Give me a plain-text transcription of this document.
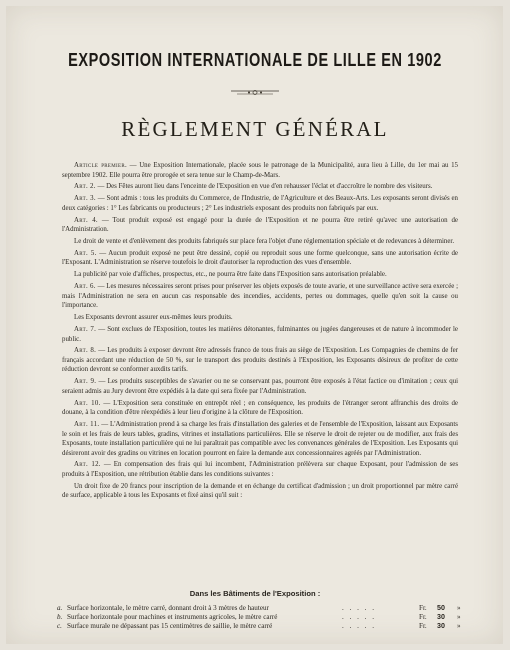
EXPOSITION INTERNATIONALE DE LILLE EN 1902
RÈGLEMENT GÉNÉRAL

Article premier. — Une Exposition Internationale, placée sous le patronage de la Municipalité, aura lieu à Lille, du 1er mai au 15 septembre 1902. Elle pourra être prorogée et sera tenue sur le Champ-de-Mars.

Art. 2. — Des Fêtes auront lieu dans l'enceinte de l'Exposition en vue d'en rehausser l'éclat et d'accroître le nombre des visiteurs.

Art. 3. — Sont admis : tous les produits du Commerce, de l'Industrie, de l'Agriculture et des Beaux-Arts. Les exposants seront divisés en deux catégories : 1° Les fabricants ou producteurs ; 2° Les industriels exposant des produits non fabriqués par eux.

Art. 4. — Tout produit exposé est engagé pour la durée de l'Exposition et ne pourra être retiré qu'avec une autorisation de l'Administration.

Le droit de vente et d'enlèvement des produits fabriqués sur place fera l'objet d'une réglementation spéciale et de redevances à déterminer.

Art. 5. — Aucun produit exposé ne peut être dessiné, copié ou reproduit sous une forme quelconque, sans une autorisation écrite de l'Exposant. L'Administration se réserve toutefois le droit d'autoriser la reproduction des vues d'ensemble.

La publicité par voie d'affiches, prospectus, etc., ne pourra être faite dans l'Exposition sans autorisation préalable.

Art. 6. — Les mesures nécessaires seront prises pour préserver les objets exposés de toute avarie, et une surveillance active sera exercée ; mais l'Administration ne sera en aucun cas responsable des incendies, accidents, pertes ou dommages, quelle qu'en soit la cause ou l'importance.

Les Exposants devront assurer eux-mêmes leurs produits.

Art. 7. — Sont exclues de l'Exposition, toutes les matières détonantes, fulminantes ou jugées dangereuses et de nature à incommoder le public.

Art. 8. — Les produits à exposer devront être adressés franco de tous frais au siège de l'Exposition. Les Compagnies de chemins de fer français accordant une réduction de 50 %, sur le transport des produits destinés à l'Exposition, les Exposants désireux de profiter de cette réduction devront se conformer auxdits tarifs.

Art. 9. — Les produits susceptibles de s'avarier ou ne se conservant pas, pourront être exposés à l'état factice ou d'imitation ; ceux qui seraient admis au Jury devront être expédiés à la date qui sera fixée par l'Administration.

Art. 10. — L'Exposition sera constituée en entrepôt réel ; en conséquence, les produits de l'étranger seront affranchis des droits de douane, à la condition d'être réexpédiés à leur lieu d'origine à la clôture de l'Exposition.

Art. 11. — L'Administration prend à sa charge les frais d'installation des galeries et de l'ensemble de l'Exposition, laissant aux Exposants le soin et les frais de leurs tables, gradins, vitrines et installations particulières. Elle se réserve le droit de rejeter ou de modifier, aux frais des Exposants, toute installation particulière qui ne lui paraîtrait pas compatible avec les convenances générales de l'Exposition. Les Exposants qui désireront avoir des gradins ou vitrines en location pourront en faire la demande aux concessionnaires agréés par l'Administration.

Art. 12. — En compensation des frais qui lui incombent, l'Administration prélèvera sur chaque Exposant, pour l'admission de ses produits à l'Exposition, une rétribution établie dans les conditions suivantes :

Un droit fixe de 20 francs pour inscription de la demande et en échange du certificat d'admission ; un droit proportionnel par mètre carré de surface, applicable à tous les Exposants et fixé ainsi qu'il suit :

Dans les Bâtiments de l'Exposition :
a. Surface horizontale, le mètre carré, donnant droit à 3 mètres de hauteur	. . . . .	Fr. 50 »
b. Surface horizontale pour machines et instruments agricoles, le mètre carré	. . . . .	Fr. 30 »
c. Surface murale ne dépassant pas 15 centimètres de saillie, le mètre carré	. . . . .	Fr. 30 »
